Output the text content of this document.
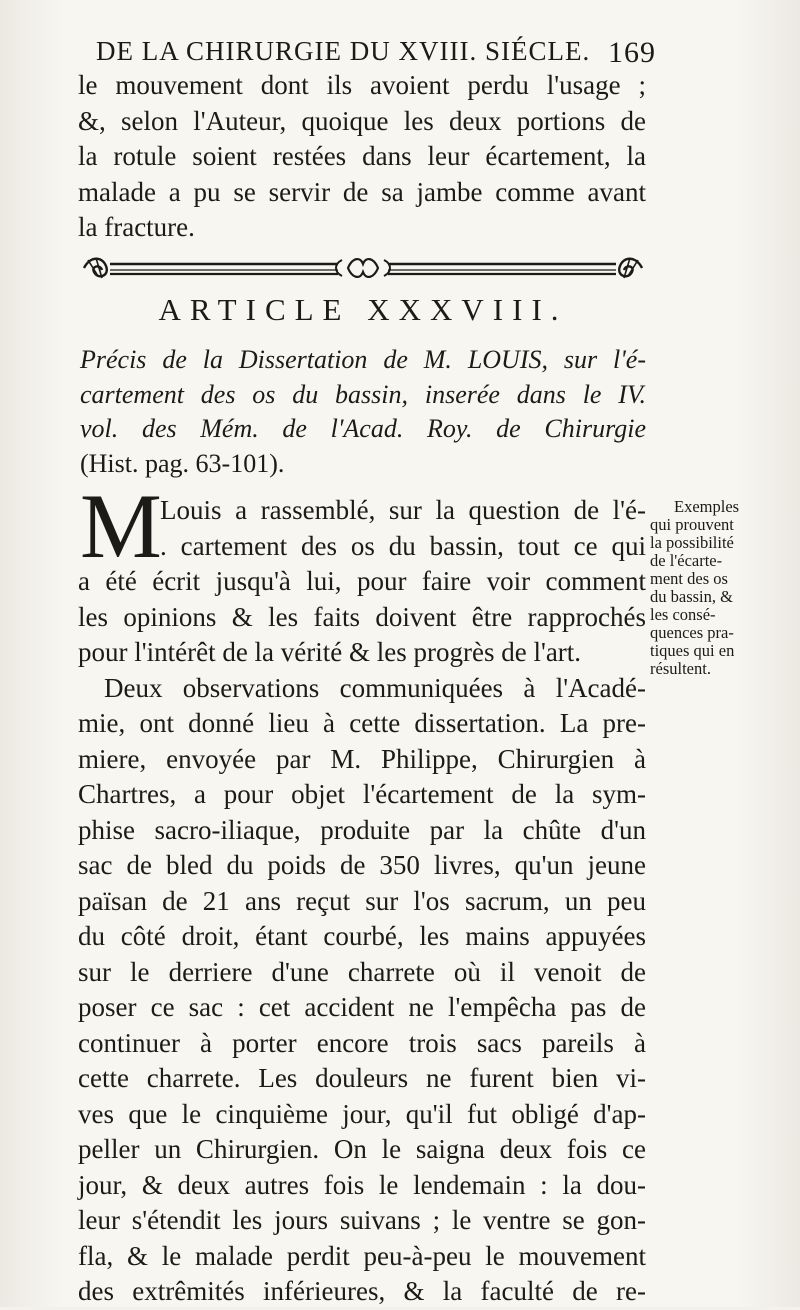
DE LA CHIRURGIE DU XVIII. SIÉCLE. 169
le mouvement dont ils avoient perdu l'usage ;
&, selon l'Auteur, quoique les deux portions de
la rotule soient restées dans leur écartement, la
malade a pu se servir de sa jambe comme avant
la fracture.
ARTICLE XXXVIII.
Précis de la Dissertation de M. LOUIS, sur l'é-
cartement des os du bassin, inserée dans le IV.
vol. des Mém. de l'Acad. Roy. de Chirurgie
(Hist. pag. 63-101).
M
Louis a rassemblé, sur la question de l'é-
. cartement des os du bassin, tout ce qui
a été écrit jusqu'à lui, pour faire voir comment
les opinions & les faits doivent être rapprochés
pour l'intérêt de la vérité & les progrès de l'art.
Deux observations communiquées à l'Acadé-
mie, ont donné lieu à cette dissertation. La pre-
miere, envoyée par M. Philippe, Chirurgien à
Chartres, a pour objet l'écartement de la sym-
phise sacro-iliaque, produite par la chûte d'un
sac de bled du poids de 350 livres, qu'un jeune
païsan de 21 ans reçut sur l'os sacrum, un peu
du côté droit, étant courbé, les mains appuyées
sur le derriere d'une charrete où il venoit de
poser ce sac : cet accident ne l'empêcha pas de
continuer à porter encore trois sacs pareils à
cette charrete. Les douleurs ne furent bien vi-
ves que le cinquième jour, qu'il fut obligé d'ap-
peller un Chirurgien. On le saigna deux fois ce
jour, & deux autres fois le lendemain : la dou-
leur s'étendit les jours suivans ; le ventre se gon-
fla, & le malade perdit peu-à-peu le mouvement
des extrêmités inférieures, & la faculté de re-
Exemples
qui prouvent
la possibilité
de l'écarte-
ment des os
du bassin, &
les consé-
quences pra-
tiques qui en
résultent.
